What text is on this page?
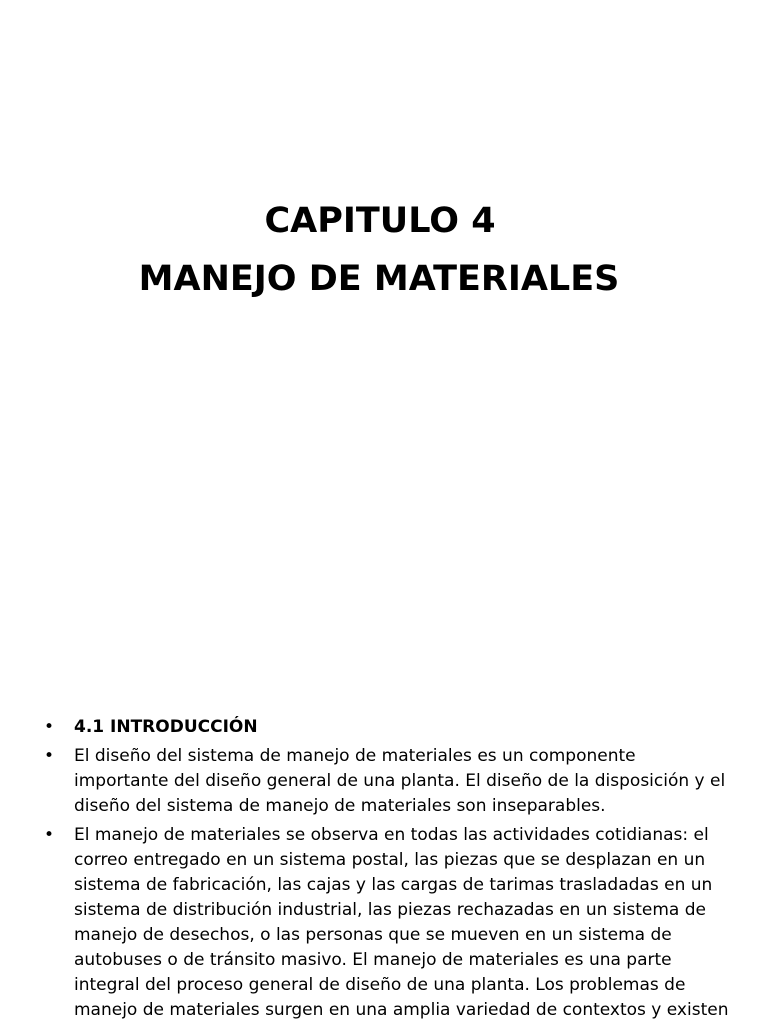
CAPITULO 4
MANEJO DE MATERIALES
• 4.1 INTRODUCCIÓN
• El diseño del sistema de manejo de materiales es un componente importante del diseño general de una planta. El diseño de la disposición y el diseño del sistema de manejo de materiales son inseparables.
• El manejo de materiales se observa en todas las actividades cotidianas: el correo entregado en un sistema postal, las piezas que se desplazan en un sistema de fabricación, las cajas y las cargas de tarimas trasladadas en un sistema de distribución industrial, las piezas rechazadas en un sistema de manejo de desechos, o las personas que se mueven en un sistema de autobuses o de tránsito masivo. El manejo de materiales es una parte integral del proceso general de diseño de una planta. Los problemas de manejo de materiales surgen en una amplia variedad de contextos y existen
